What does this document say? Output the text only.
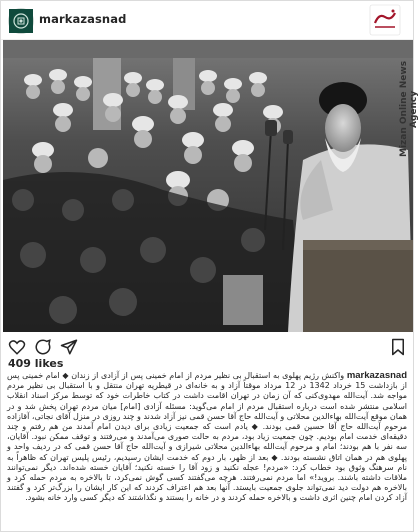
markazasnad
Mizan Online News Agency
409 likes
markazasnad واکنش رژیم پهلوی به استقبال بی نظیر مردم از امام خمینی پس از آزادی از زندان ◆ امام خمینی پس از بازداشت 15 خرداد 1342 در 12 مرداد موقتاً آزاد و به خانه‌ای در قیطریه تهران منتقل و با استقبال بی نظیر مردم مواجه شد. آیت‌الله مهدوی‌کنی که آن زمان در تهران اقامت داشت در کتاب خاطرات خود که توسط مرکز اسناد انقلاب اسلامی منتشر شده است درباره استقبال مردم از امام می‌گوید: مسئله آزادی [امام] میان مردم تهران پخش شد و در همان موقع آیت‌الله بهاءالدین محلاتی و آیت‌الله حاج آقا حسن قمی نیز آزاد شدند و چند روزی در منزل آقای نجاتی، آقازاده مرحوم آیت‌الله حاج آقا حسین قمی بودند. ◆ یادم است که جمعیت زیادی برای دیدن امام آمدند من هم رفتم و چند دقیقه‌ای خدمت امام بودیم. چون جمعیت زیاد بود، مردم به حالت صوری می‌آمدند و می‌رفتند و توقف ممکن نبود. آقایان، سه نفر با هم بودند؛ امام و مرحوم آیت‌الله بهاءالدین محلاتی شیرازی و آیت‌الله حاج آقا حسن قمی که در ردیف واحد و پهلوی هم در همان اتاق نشسته بودند. ◆ بعد از ظهر، بار دوم که خدمت ایشان رسیدیم، رئیس پلیس تهران که ظاهراً به نام سرهنگ وثوق بود خطاب کرد: «مردم! عجله نکنید و زود آقا را خسته نکنید؛ آقایان خسته شده‌اند. دیگر نمی‌توانند ملاقات داشته باشند. بروید!» اما مردم نمی‌رفتند. هرچه می‌گفتند کسی گوش نمی‌کرد، تا بالاخره به مردم حمله کرد و بالاخره هم دولت دید نمی‌تواند جلوی جمعیت بایستد. آنها بعد هم اعتراف کردند که این کار ایشان را بزرگ‌تر کرد و گفتند آزاد کردن امام چنین اثری داشت و بالاخره حمله کردند و در خانه را بستند و نگذاشتند که دیگر کسی وارد خانه بشود.
